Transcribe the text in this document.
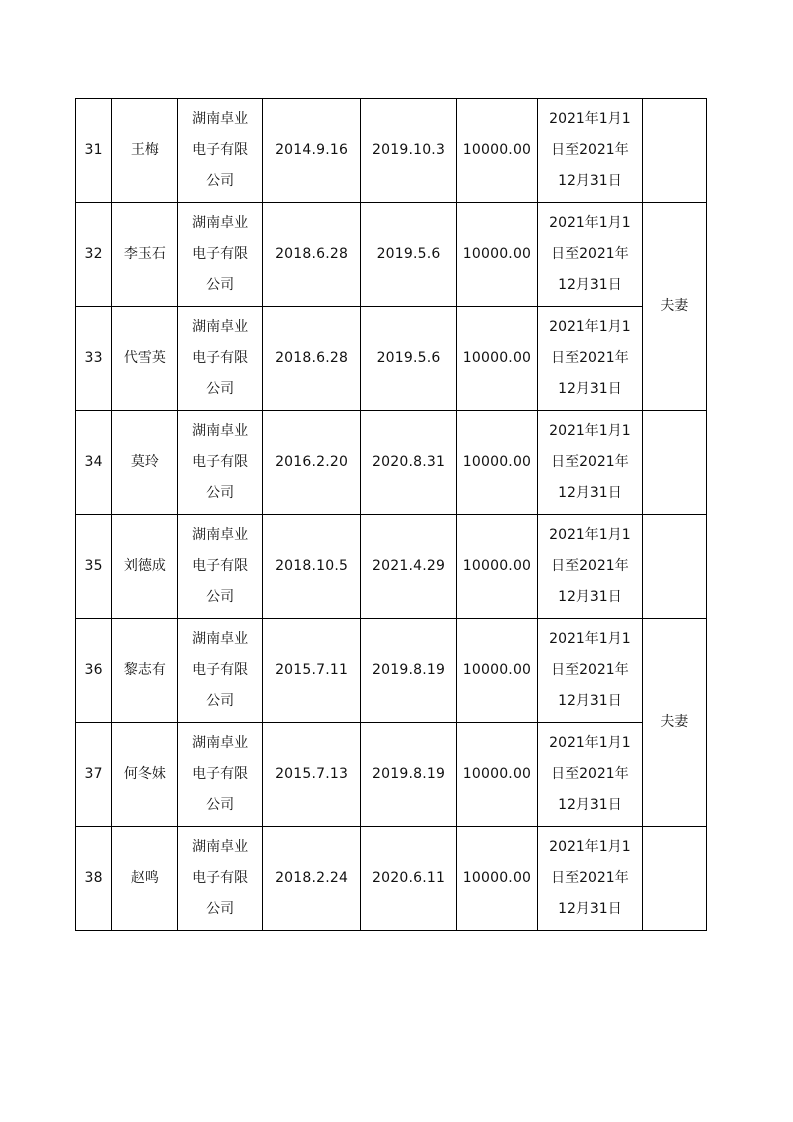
31	王梅	湖南卓业
电子有限
公司	2014.9.16	2019.10.3	10000.00	2021年1月1
日至2021年
12月31日	

32	李玉石	湖南卓业
电子有限
公司	2018.6.28	2019.5.6	10000.00	2021年1月1
日至2021年
12月31日	夫妻
33	代雪英	湖南卓业
电子有限
公司	2018.6.28	2019.5.6	10000.00	2021年1月1
日至2021年
12月31日	

34	莫玲	湖南卓业
电子有限
公司	2016.2.20	2020.8.31	10000.00	2021年1月1
日至2021年
12月31日	

35	刘德成	湖南卓业
电子有限
公司	2018.10.5	2021.4.29	10000.00	2021年1月1
日至2021年
12月31日	

36	黎志有	湖南卓业
电子有限
公司	2015.7.11	2019.8.19	10000.00	2021年1月1
日至2021年
12月31日	夫妻
37	何冬妹	湖南卓业
电子有限
公司	2015.7.13	2019.8.19	10000.00	2021年1月1
日至2021年
12月31日	

38	赵鸣	湖南卓业
电子有限
公司	2018.2.24	2020.6.11	10000.00	2021年1月1
日至2021年
12月31日	
